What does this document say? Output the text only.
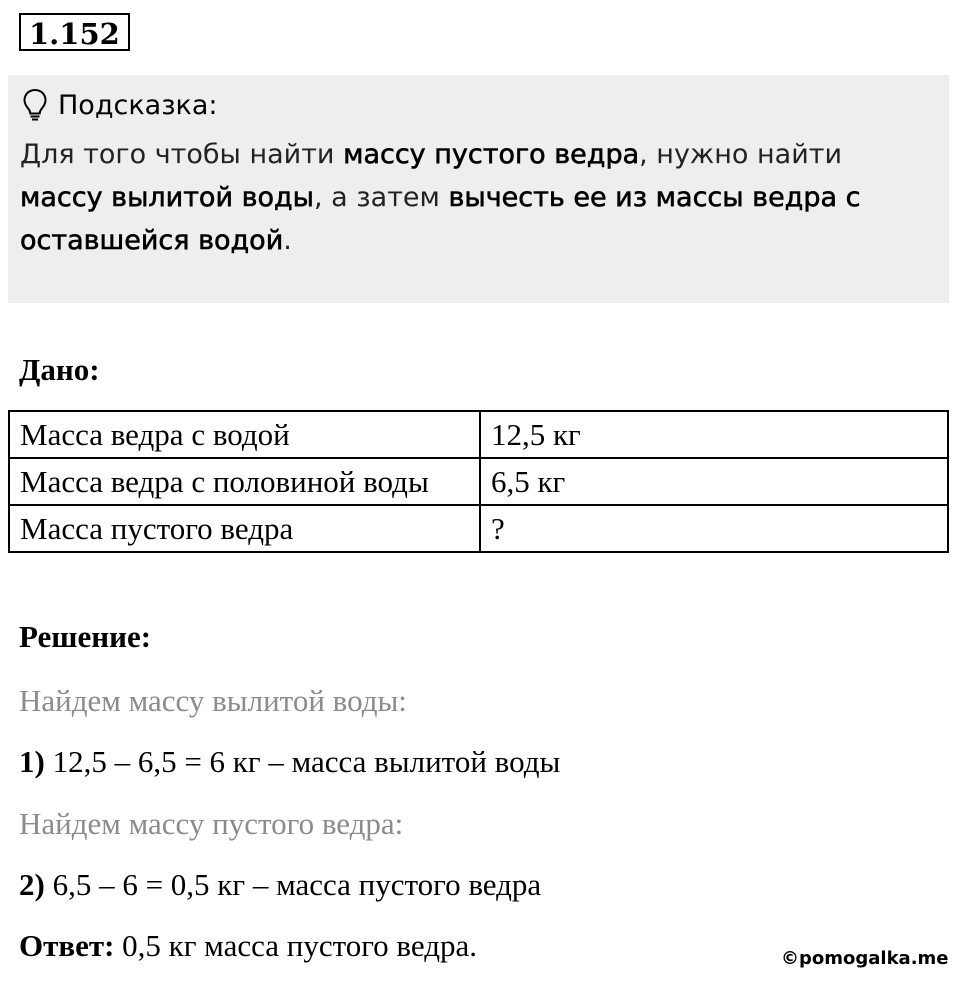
1.152
Подсказка:
Для того чтобы найти массу пустого ведра, нужно найти массу вылитой воды, а затем вычесть ее из массы ведра с оставшейся водой.
Дано:
Масса ведра с водой	12,5 кг
Масса ведра с половиной воды	6,5 кг
Масса пустого ведра	?
Решение:
Найдем массу вылитой воды:
1) 12,5 – 6,5 = 6 кг – масса вылитой воды
Найдем массу пустого ведра:
2) 6,5 – 6 = 0,5 кг – масса пустого ведра
Ответ: 0,5 кг масса пустого ведра.	©pomogalka.me
